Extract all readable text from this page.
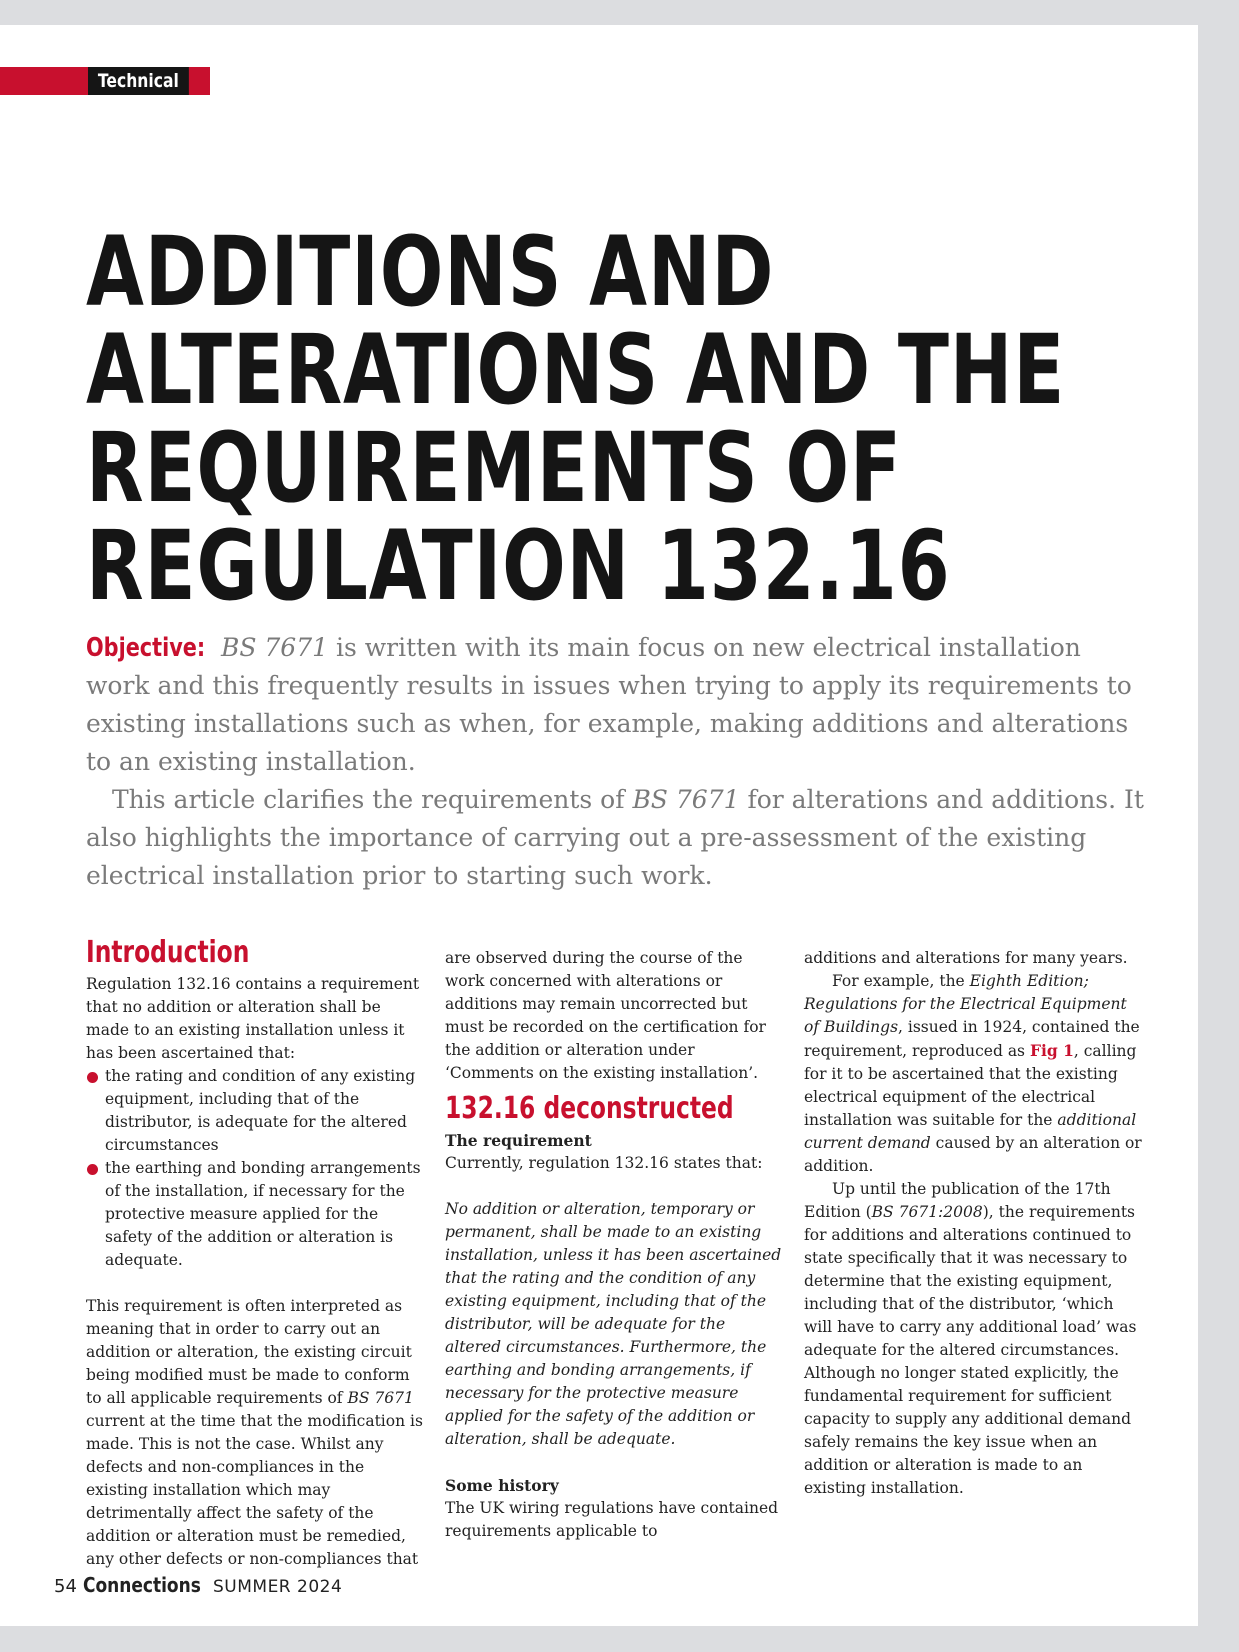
Technical
ADDITIONS AND
ALTERATIONS AND THE
REQUIREMENTS OF
REGULATION 132.16

Objective: BS 7671 is written with its main focus on new electrical installation work and this frequently results in issues when trying to apply its requirements to existing installations such as when, for example, making additions and alterations to an existing installation.

This article clarifies the requirements of BS 7671 for alterations and additions. It also highlights the importance of carrying out a pre-assessment of the existing electrical installation prior to starting such work.

Introduction

Regulation 132.16 contains a requirement that no addition or alteration shall be made to an existing installation unless it has been ascertained that:

the rating and condition of any existing equipment, including that of the distributor, is adequate for the altered circumstances
the earthing and bonding arrangements of the installation, if necessary for the protective measure applied for the safety of the addition or alteration is adequate.

This requirement is often interpreted as meaning that in order to carry out an addition or alteration, the existing circuit being modified must be made to conform to all applicable requirements of BS 7671 current at the time that the modification is made. This is not the case. Whilst any defects and non-compliances in the existing installation which may detrimentally affect the safety of the addition or alteration must be remedied, any other defects or non-compliances that

are observed during the course of the work concerned with alterations or additions may remain uncorrected but must be recorded on the certification for the addition or alteration under ‘Comments on the existing installation’.

132.16 deconstructed

The requirement

Currently, regulation 132.16 states that:

No addition or alteration, temporary or permanent, shall be made to an existing installation, unless it has been ascertained that the rating and the condition of any existing equipment, including that of the distributor, will be adequate for the altered circumstances. Furthermore, the earthing and bonding arrangements, if necessary for the protective measure applied for the safety of the addition or alteration, shall be adequate.

Some history

The UK wiring regulations have contained requirements applicable to

additions and alterations for many years.

For example, the Eighth Edition; Regulations for the Electrical Equipment of Buildings, issued in 1924, contained the requirement, reproduced as Fig 1, calling for it to be ascertained that the existing electrical equipment of the electrical installation was suitable for the additional current demand caused by an alteration or addition.

Up until the publication of the 17th Edition (BS 7671:2008), the requirements for additions and alterations continued to state specifically that it was necessary to determine that the existing equipment, including that of the distributor, ‘which will have to carry any additional load’ was adequate for the altered circumstances. Although no longer stated explicitly, the fundamental requirement for sufficient capacity to supply any additional demand safely remains the key issue when an addition or alteration is made to an existing installation.

54 Connections SUMMER 2024
